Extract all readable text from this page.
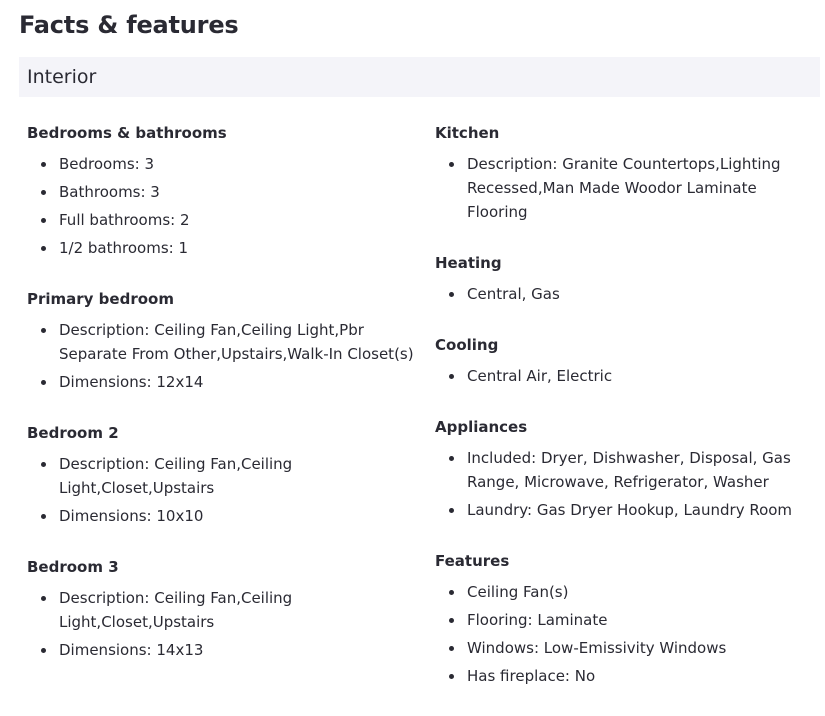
Facts & features
Interior
Bedrooms & bathrooms
Bedrooms: 3
Bathrooms: 3
Full bathrooms: 2
1/2 bathrooms: 1
Primary bedroom
Description: Ceiling Fan,Ceiling Light,Pbr Separate From Other,Upstairs,Walk-In Closet(s)
Dimensions: 12x14
Bedroom 2
Description: Ceiling Fan,Ceiling Light,Closet,Upstairs
Dimensions: 10x10
Bedroom 3
Description: Ceiling Fan,Ceiling Light,Closet,Upstairs
Dimensions: 14x13
Kitchen
Description: Granite Countertops,Lighting Recessed,Man Made Woodor Laminate Flooring
Heating
Central, Gas
Cooling
Central Air, Electric
Appliances
Included: Dryer, Dishwasher, Disposal, Gas Range, Microwave, Refrigerator, Washer
Laundry: Gas Dryer Hookup, Laundry Room
Features
Ceiling Fan(s)
Flooring: Laminate
Windows: Low-Emissivity Windows
Has fireplace: No
